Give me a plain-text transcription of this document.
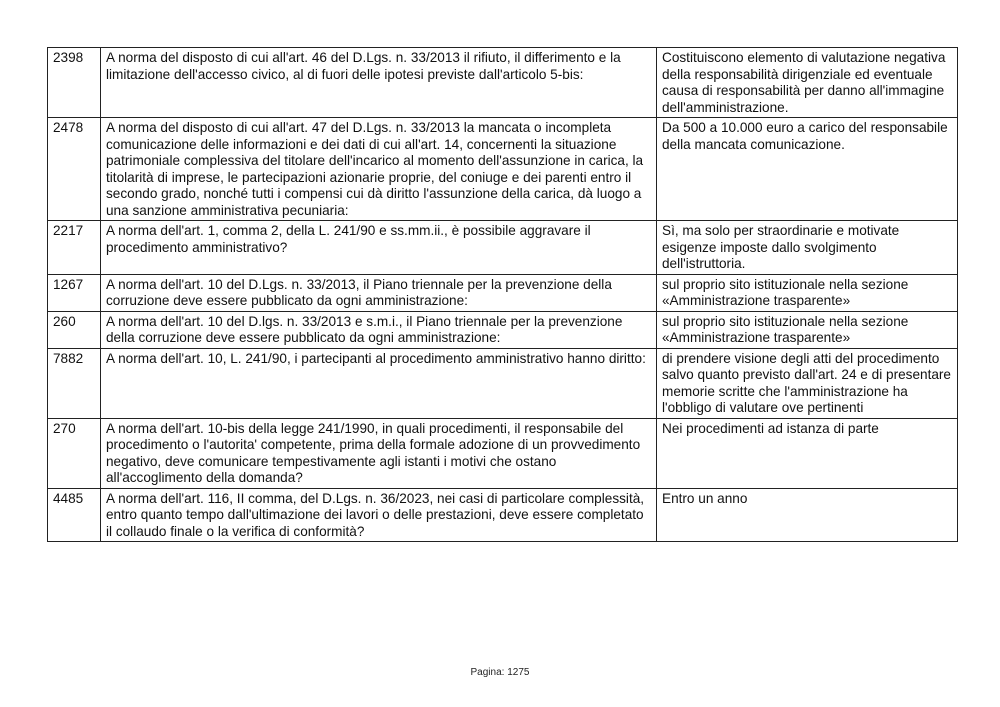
2398	A norma del disposto di cui all'art. 46 del D.Lgs. n. 33/2013 il rifiuto, il differimento e la limitazione dell'accesso civico, al di fuori delle ipotesi previste dall'articolo 5-bis:	Costituiscono elemento di valutazione negativa della responsabilità dirigenziale ed eventuale causa di responsabilità per danno all'immagine dell'amministrazione.
2478	A norma del disposto di cui all'art. 47 del D.Lgs. n. 33/2013 la mancata o incompleta comunicazione delle informazioni e dei dati di cui all'art. 14, concernenti la situazione patrimoniale complessiva del titolare dell'incarico al momento dell'assunzione in carica, la titolarità di imprese, le partecipazioni azionarie proprie, del coniuge e dei parenti entro il secondo grado, nonché tutti i compensi cui dà diritto l'assunzione della carica, dà luogo a una sanzione amministrativa pecuniaria:	Da 500 a 10.000 euro a carico del responsabile della mancata comunicazione.
2217	A norma dell'art. 1, comma 2, della L. 241/90 e ss.mm.ii., è possibile aggravare il procedimento amministrativo?	Sì, ma solo per straordinarie e motivate esigenze imposte dallo svolgimento dell'istruttoria.
1267	A norma dell'art. 10 del D.Lgs. n. 33/2013, il Piano triennale per la prevenzione della corruzione deve essere pubblicato da ogni amministrazione:	sul proprio sito istituzionale nella sezione «Amministrazione trasparente»
260	A norma dell'art. 10 del D.lgs. n. 33/2013 e s.m.i., il Piano triennale per la prevenzione della corruzione deve essere pubblicato da ogni amministrazione:	sul proprio sito istituzionale nella sezione «Amministrazione trasparente»
7882	A norma dell'art. 10, L. 241/90, i partecipanti al procedimento amministrativo hanno diritto:	di prendere visione degli atti del procedimento salvo quanto previsto dall'art. 24 e di presentare memorie scritte che l'amministrazione ha l'obbligo di valutare ove pertinenti
270	A norma dell'art. 10-bis della legge 241/1990, in quali procedimenti, il responsabile del procedimento o l'autorita' competente, prima della formale adozione di un provvedimento negativo, deve comunicare tempestivamente agli istanti i motivi che ostano all'accoglimento della domanda?	Nei procedimenti ad istanza di parte
4485	A norma dell'art. 116, II comma, del D.Lgs. n. 36/2023, nei casi di particolare complessità, entro quanto tempo dall'ultimazione dei lavori o delle prestazioni, deve essere completato il collaudo finale o la verifica di conformità?	Entro un anno
Pagina: 1275
